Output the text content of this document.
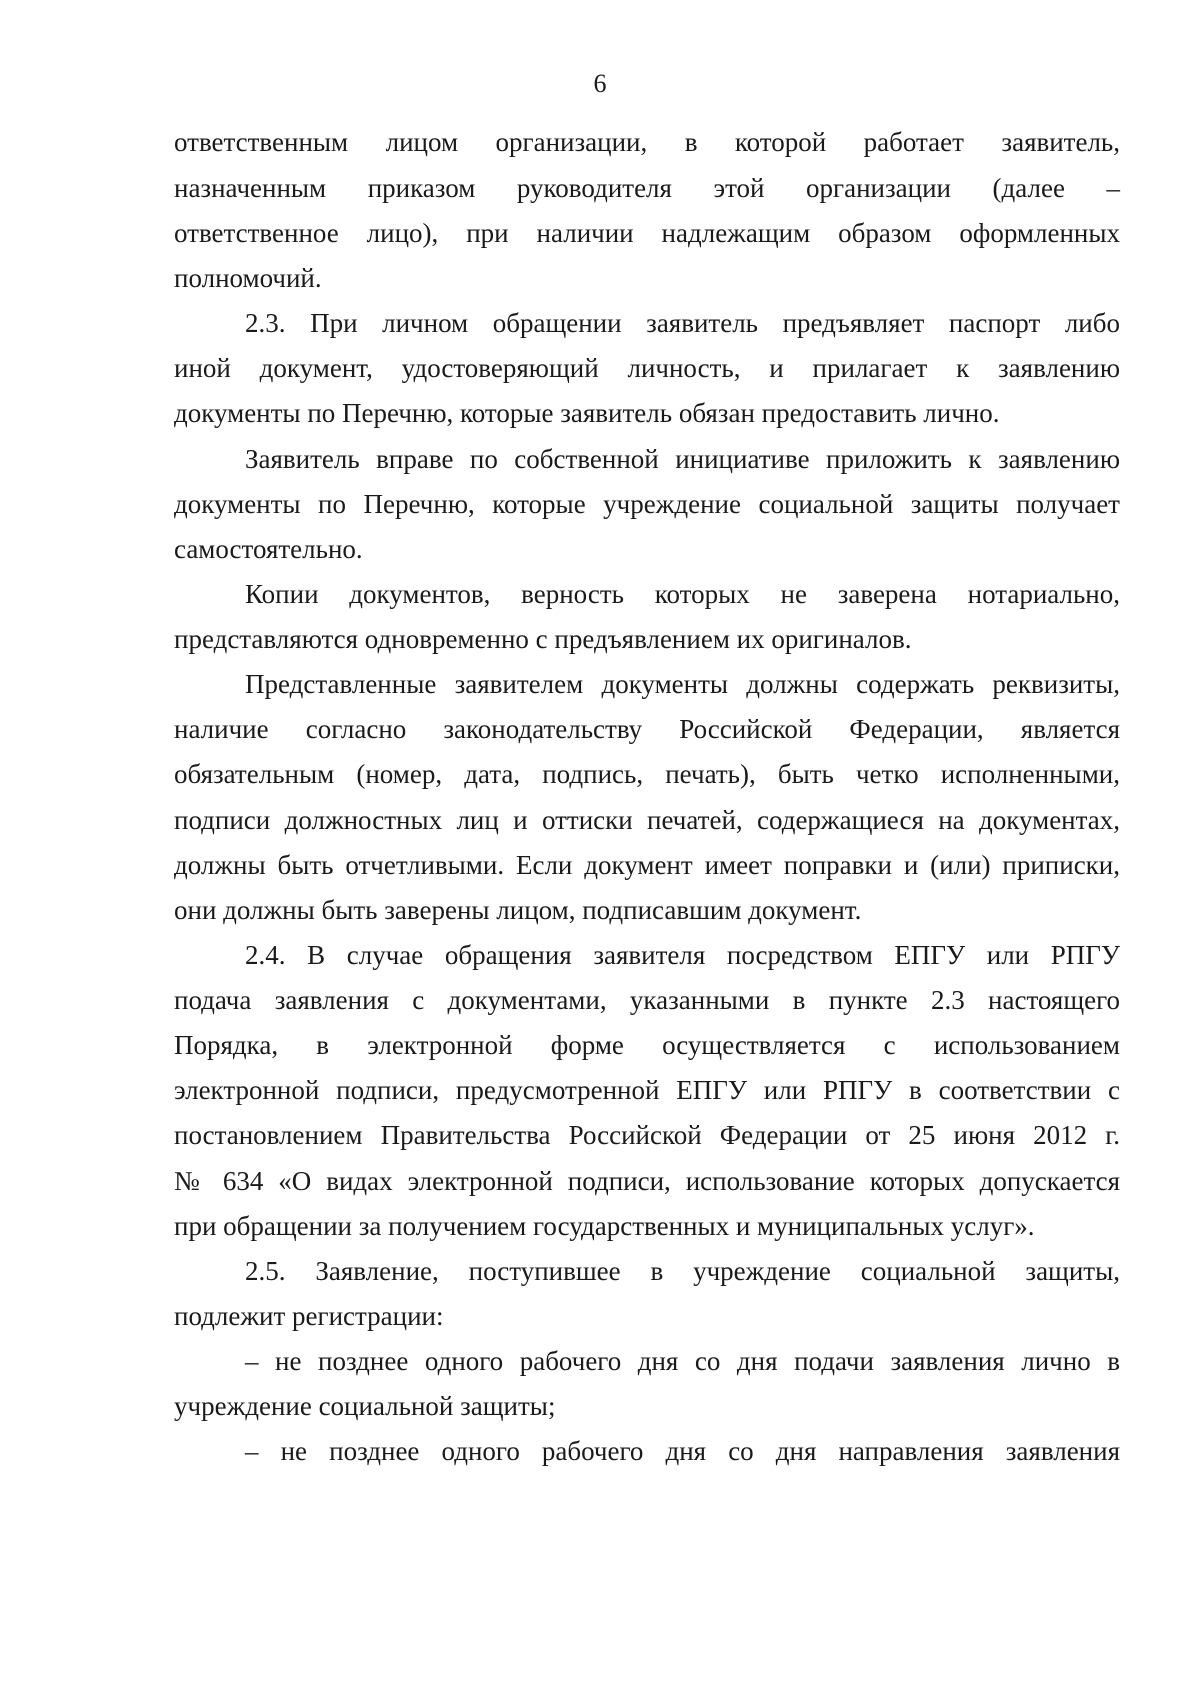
6
ответственным лицом организации, в которой работает заявитель,
назначенным приказом руководителя этой организации (далее –
ответственное лицо), при наличии надлежащим образом оформленных
полномочий.
2.3. При личном обращении заявитель предъявляет паспорт либо
иной документ, удостоверяющий личность, и прилагает к заявлению
документы по Перечню, которые заявитель обязан предоставить лично.
Заявитель вправе по собственной инициативе приложить к заявлению
документы по Перечню, которые учреждение социальной защиты получает
самостоятельно.
Копии документов, верность которых не заверена нотариально,
представляются одновременно с предъявлением их оригиналов.
Представленные заявителем документы должны содержать реквизиты,
наличие согласно законодательству Российской Федерации, является
обязательным (номер, дата, подпись, печать), быть четко исполненными,
подписи должностных лиц и оттиски печатей, содержащиеся на документах,
должны быть отчетливыми. Если документ имеет поправки и (или) приписки,
они должны быть заверены лицом, подписавшим документ.
2.4. В случае обращения заявителя посредством ЕПГУ или РПГУ
подача заявления с документами, указанными в пункте 2.3 настоящего
Порядка, в электронной форме осуществляется с использованием
электронной подписи, предусмотренной ЕПГУ или РПГУ в соответствии с
постановлением Правительства Российской Федерации от 25 июня 2012 г.
№ 634 «О видах электронной подписи, использование которых допускается
при обращении за получением государственных и муниципальных услуг».
2.5. Заявление, поступившее в учреждение социальной защиты,
подлежит регистрации:
– не позднее одного рабочего дня со дня подачи заявления лично в
учреждение социальной защиты;
– не позднее одного рабочего дня со дня направления заявления
